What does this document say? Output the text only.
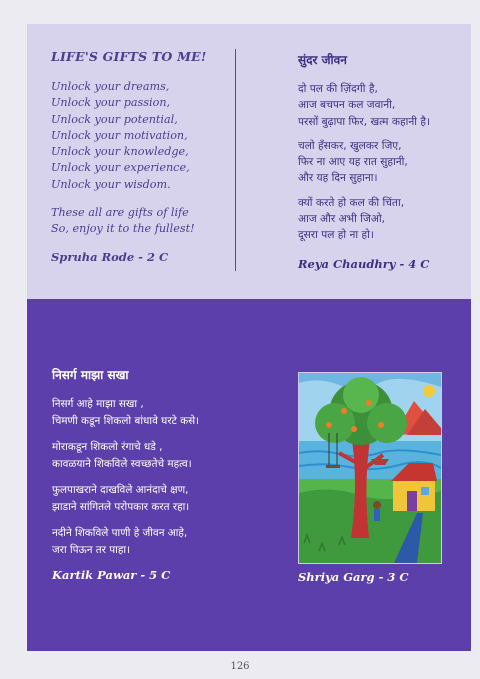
LIFE'S GIFTS TO ME!
Unlock your dreams,
Unlock your passion,
Unlock your potential,
Unlock your motivation,
Unlock your knowledge,
Unlock your experience,
Unlock your wisdom.
These all are gifts of life
So, enjoy it to the fullest!
Spruha Rode - 2 C
सुंदर जीवन
दो पल की ज़िंदगी है,
आज बचपन कल जवानी,
परसों बुढ़ापा फिर, खत्म कहानी है।
चलो हँसकर, खुलकर जिए,
फिर ना आए यह रात सुहानी,
और यह दिन सुहाना।
क्यों करते हो कल की चिंता,
आज और अभी जिओ,
दूसरा पल हो ना हो।
Reya Chaudhry - 4 C
निसर्ग माझा सखा
निसर्ग आहे माझा सखा ,
चिमणी कडून शिकलो बांधावे घरटे कसे।
मोराकडून शिकलो रंगाचे धडे ,
कावळयाने शिकविले स्वच्छतेचे महत्व।
फुलपाखराने दाखविले आनंदाचे क्षण,
झाडाने सांगितले परोपकार करत रहा।
नदीने शिकविले पाणी हे जीवन आहे,
जरा पिऊन तर पाहा।
Kartik Pawar - 5 C	Shriya Garg - 3 C
126
